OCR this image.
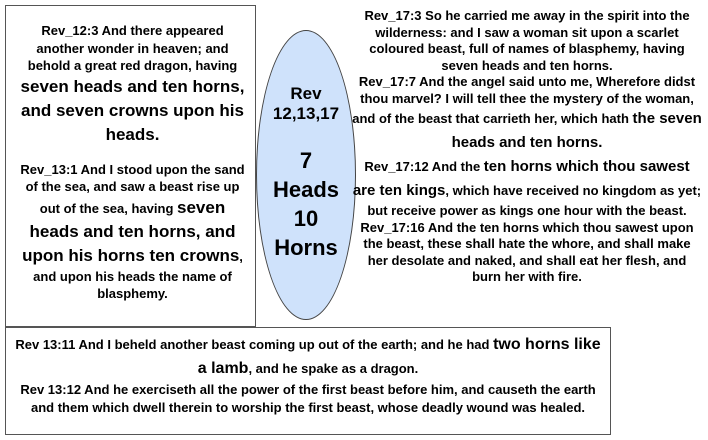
Rev_12:3 And there appeared another wonder in heaven; and behold a great red dragon, having seven heads and ten horns, and seven crowns upon his heads.

Rev_13:1 And I stood upon the sand of the sea, and saw a beast rise up out of the sea, having seven heads and ten horns, and upon his horns ten crowns, and upon his heads the name of blasphemy.

Rev
12,13,17
7
Heads
10
Horns

Rev_17:3 So he carried me away in the spirit into the wilderness: and I saw a woman sit upon a scarlet coloured beast, full of names of blasphemy, having seven heads and ten horns.

Rev_17:7 And the angel said unto me, Wherefore didst thou marvel? I will tell thee the mystery of the woman, and of the beast that carrieth her, which hath the seven heads and ten horns.

Rev_17:12 And the ten horns which thou sawest are ten kings, which have received no kingdom as yet; but receive power as kings one hour with the beast.

Rev_17:16 And the ten horns which thou sawest upon the beast, these shall hate the whore, and shall make her desolate and naked, and shall eat her flesh, and burn her with fire.

Rev 13:11 And I beheld another beast coming up out of the earth; and he had two horns like a lamb, and he spake as a dragon.

Rev 13:12 And he exerciseth all the power of the first beast before him, and causeth the earth and them which dwell therein to worship the first beast, whose deadly wound was healed.
